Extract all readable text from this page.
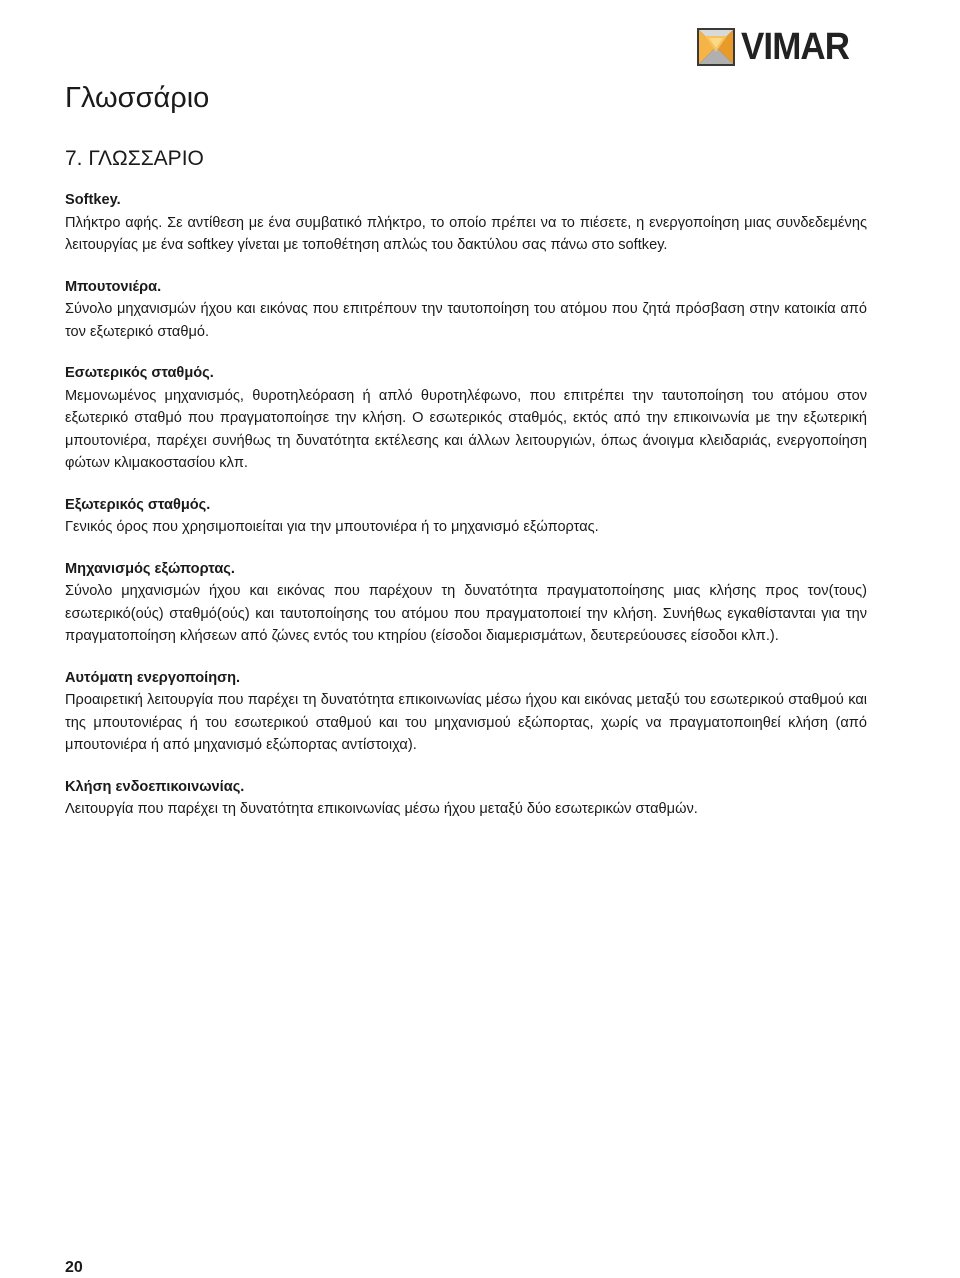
VIMAR
Γλωσσάριο
7. ΓΛΩΣΣΑΡΙΟ
Softkey.
Πλήκτρο αφής. Σε αντίθεση με ένα συμβατικό πλήκτρο, το οποίο πρέπει να το πιέσετε, η ενεργοποίηση μιας συνδεδεμένης λειτουργίας με ένα softkey γίνεται με τοποθέτηση απλώς του δακτύλου σας πάνω στο softkey.
Μπουτονιέρα.
Σύνολο μηχανισμών ήχου και εικόνας που επιτρέπουν την ταυτοποίηση του ατόμου που ζητά πρόσβαση στην κατοικία από τον εξωτερικό σταθμό.
Εσωτερικός σταθμός.
Μεμονωμένος μηχανισμός, θυροτηλεόραση ή απλό θυροτηλέφωνο, που επιτρέπει την ταυτοποίηση του ατόμου στον εξωτερικό σταθμό που πραγματοποίησε την κλήση. Ο εσωτερικός σταθμός, εκτός από την επικοινωνία με την εξωτερική μπουτονιέρα, παρέχει συνήθως τη δυνατότητα εκτέλεσης και άλλων λειτουργιών, όπως άνοιγμα κλειδαριάς, ενεργοποίηση φώτων κλιμακοστασίου κλπ.
Εξωτερικός σταθμός.
Γενικός όρος που χρησιμοποιείται για την μπουτονιέρα ή το μηχανισμό εξώπορτας.
Μηχανισμός εξώπορτας.
Σύνολο μηχανισμών ήχου και εικόνας που παρέχουν τη δυνατότητα πραγματοποίησης μιας κλήσης προς τον(τους) εσωτερικό(ούς) σταθμό(ούς) και ταυτοποίησης του ατόμου που πραγματοποιεί την κλήση. Συνήθως εγκαθίστανται για την πραγματοποίηση κλήσεων από ζώνες εντός του κτηρίου (είσοδοι διαμερισμάτων, δευτερεύουσες είσοδοι κλπ.).
Αυτόματη ενεργοποίηση.
Προαιρετική λειτουργία που παρέχει τη δυνατότητα επικοινωνίας μέσω ήχου και εικόνας μεταξύ του εσωτερικού σταθμού και της μπουτονιέρας ή του εσωτερικού σταθμού και του μηχανισμού εξώπορτας, χωρίς να πραγματοποιηθεί κλήση (από μπουτονιέρα ή από μηχανισμό εξώπορτας αντίστοιχα).
Κλήση ενδοεπικοινωνίας.
Λειτουργία που παρέχει τη δυνατότητα επικοινωνίας μέσω ήχου μεταξύ δύο εσωτερικών σταθμών.
20
